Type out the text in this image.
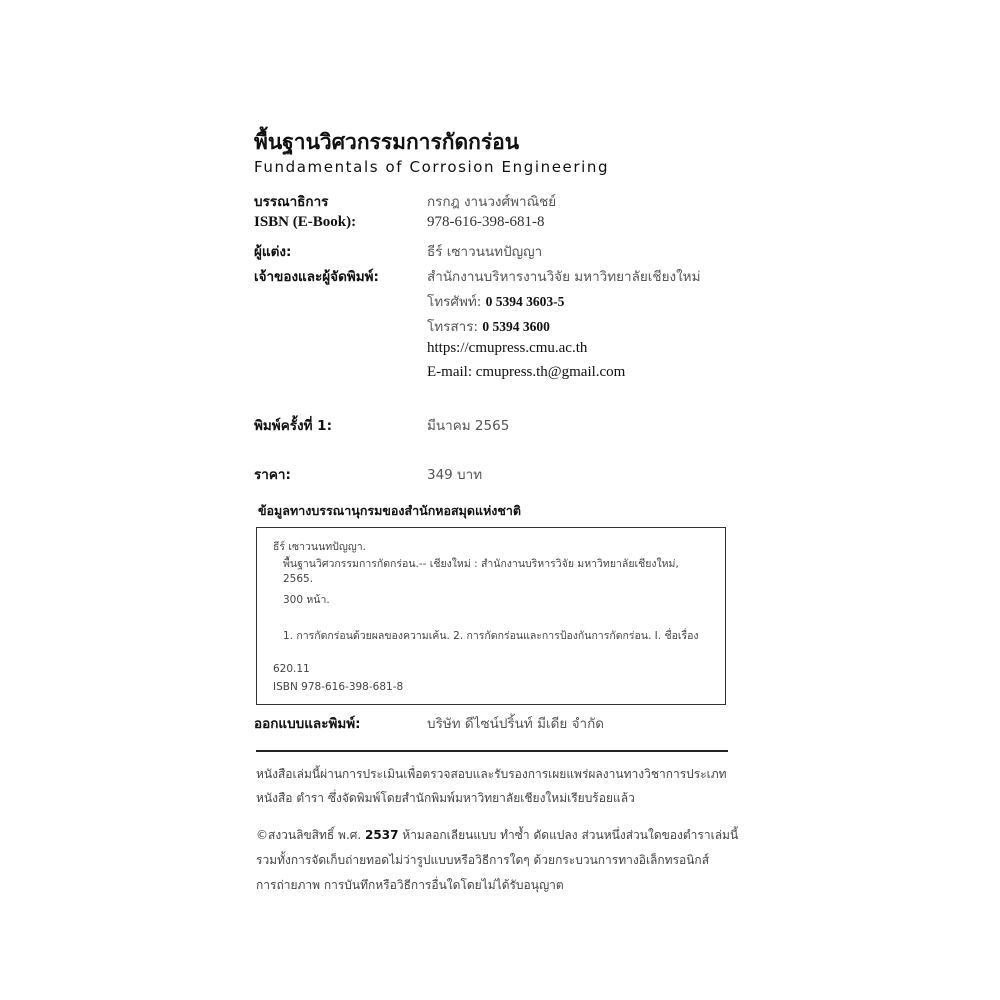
พื้นฐานวิศวกรรมการกัดกร่อน
Fundamentals of Corrosion Engineering
บรรณาธิการ	กรกฎ งานวงศ์พาณิชย์
ISBN (E-Book):	978-616-398-681-8
ผู้แต่ง:	ธีร์ เซาวนนทปัญญา
เจ้าของและผู้จัดพิมพ์:	สำนักงานบริหารงานวิจัย มหาวิทยาลัยเชียงใหม่
โทรศัพท์: 0 5394 3603-5
โทรสาร: 0 5394 3600
https://cmupress.cmu.ac.th
E-mail: cmupress.th@gmail.com
พิมพ์ครั้งที่ 1:	มีนาคม 2565
ราคา:	349 บาท
ข้อมูลทางบรรณานุกรมของสำนักหอสมุดแห่งชาติ
ธีร์ เซาวนนทปัญญา.
พื้นฐานวิศวกรรมการกัดกร่อน.-- เชียงใหม่ : สำนักงานบริหารวิจัย มหาวิทยาลัยเชียงใหม่,
2565.
300 หน้า.
1. การกัดกร่อนด้วยผลของความเค้น. 2. การกัดกร่อนและการป้องกันการกัดกร่อน. I. ชื่อเรื่อง
620.11
ISBN 978-616-398-681-8
ออกแบบและพิมพ์:	บริษัท ดีไซน์ปริ้นท์ มีเดีย จำกัด
หนังสือเล่มนี้ผ่านการประเมินเพื่อตรวจสอบและรับรองการเผยแพร่ผลงานทางวิชาการประเภท
หนังสือ ตำรา ซึ่งจัดพิมพ์โดยสำนักพิมพ์มหาวิทยาลัยเชียงใหม่เรียบร้อยแล้ว
©สงวนลิขสิทธิ์ พ.ศ. 2537 ห้ามลอกเลียนแบบ ทำซ้ำ ดัดแปลง ส่วนหนึ่งส่วนใดของตำราเล่มนี้
รวมทั้งการจัดเก็บถ่ายทอดไม่ว่ารูปแบบหรือวิธีการใดๆ ด้วยกระบวนการทางอิเล็กทรอนิกส์
การถ่ายภาพ การบันทึกหรือวิธีการอื่นใดโดยไม่ได้รับอนุญาต
